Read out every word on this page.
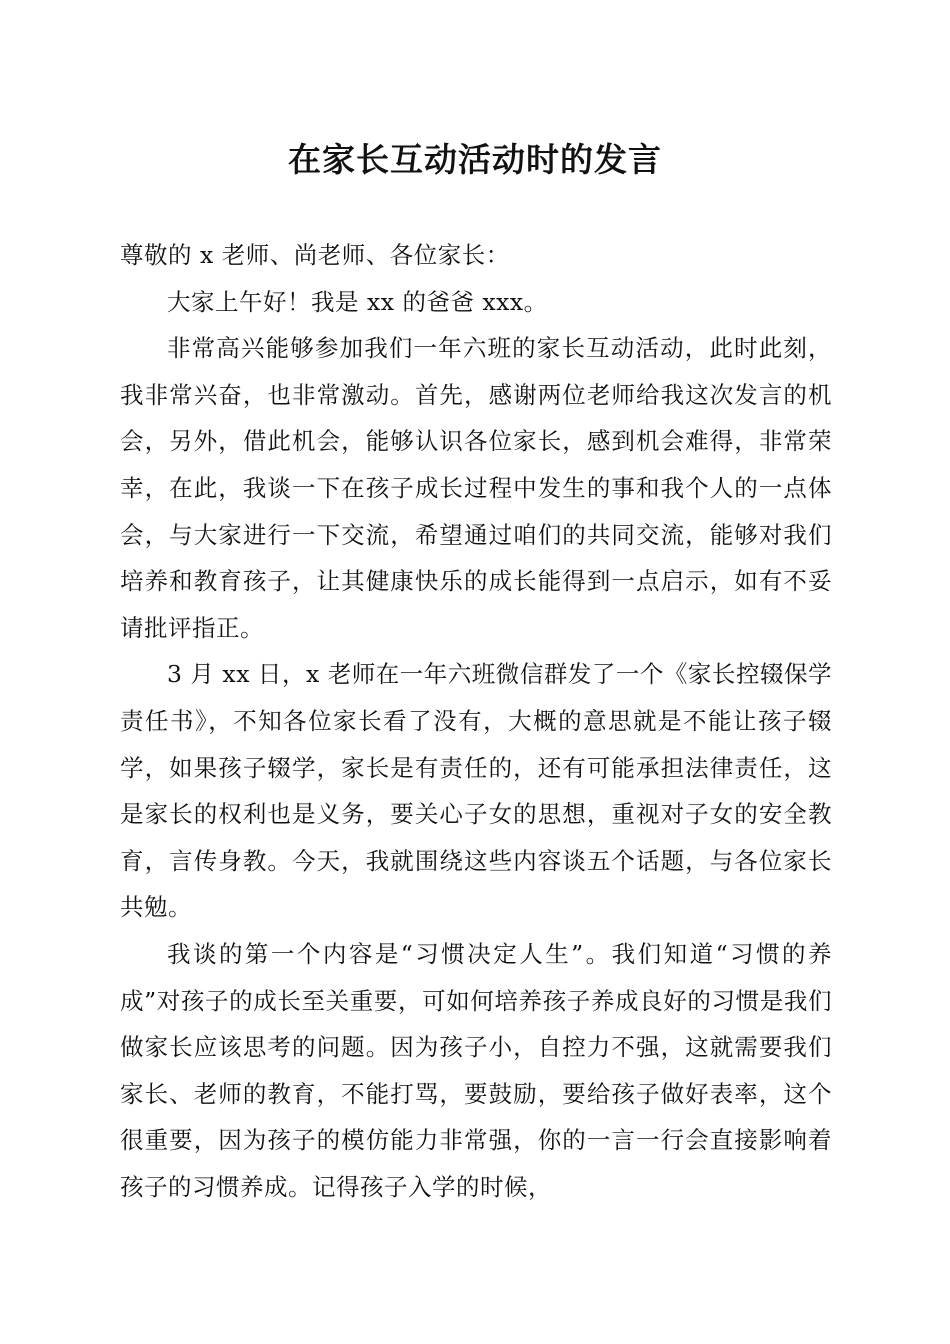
在家长互动活动时的发言

尊敬的 x 老师、尚老师、各位家长：

大家上午好！我是 xx 的爸爸 xxx。

非常高兴能够参加我们一年六班的家长互动活动，此时此刻，我非常兴奋，也非常激动。首先，感谢两位老师给我这次发言的机会，另外，借此机会，能够认识各位家长，感到机会难得，非常荣幸，在此，我谈一下在孩子成长过程中发生的事和我个人的一点体会，与大家进行一下交流，希望通过咱们的共同交流，能够对我们培养和教育孩子，让其健康快乐的成长能得到一点启示，如有不妥请批评指正。

3 月 xx 日，x 老师在一年六班微信群发了一个《家长控辍保学责任书》，不知各位家长看了没有，大概的意思就是不能让孩子辍学，如果孩子辍学，家长是有责任的，还有可能承担法律责任，这是家长的权利也是义务，要关心子女的思想，重视对子女的安全教育，言传身教。今天，我就围绕这些内容谈五个话题，与各位家长共勉。

我谈的第一个内容是“习惯决定人生”。我们知道“习惯的养成”对孩子的成长至关重要，可如何培养孩子养成良好的习惯是我们做家长应该思考的问题。因为孩子小，自控力不强，这就需要我们家长、老师的教育，不能打骂，要鼓励，要给孩子做好表率，这个很重要，因为孩子的模仿能力非常强，你的一言一行会直接影响着孩子的习惯养成。记得孩子入学的时候，
